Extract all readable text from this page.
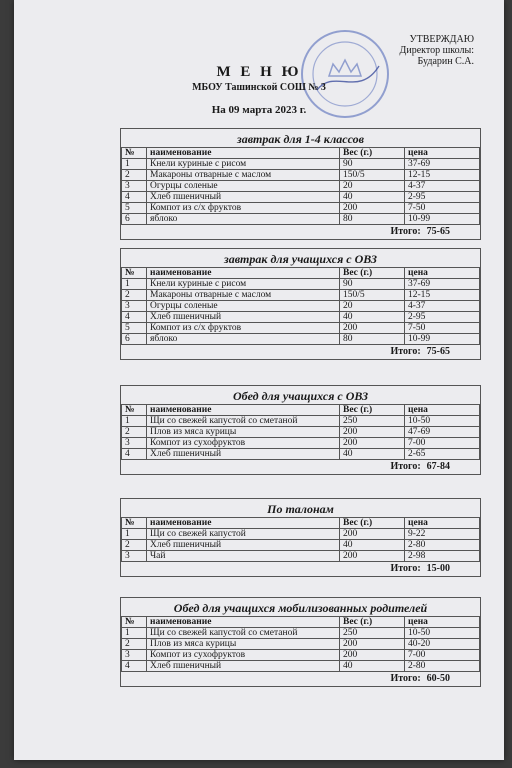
УТВЕРЖДАЮ
Директор школы:
Бударин С.А.
М Е Н Ю
МБОУ Ташинской СОШ № 3
На 09 марта 2023 г.
завтрак для 1-4 классов
№	наименование	Вес (г.)	цена
1	Кнели куриные с рисом	90	37-69
2	Макароны отварные с маслом	150/5	12-15
3	Огурцы соленые	20	4-37
4	Хлеб пшеничный	40	2-95
5	Компот из с/х фруктов	200	7-50
6	яблоко	80	10-99
Итого: 75-65
завтрак для учащихся с ОВЗ
№	наименование	Вес (г.)	цена
1	Кнели куриные с рисом	90	37-69
2	Макароны отварные с маслом	150/5	12-15
3	Огурцы соленые	20	4-37
4	Хлеб пшеничный	40	2-95
5	Компот из с/х фруктов	200	7-50
6	яблоко	80	10-99
Итого: 75-65
Обед для учащихся с ОВЗ
№	наименование	Вес (г.)	цена
1	Щи со свежей капустой со сметаной	250	10-50
2	Плов из мяса курицы	200	47-69
3	Компот из сухофруктов	200	7-00
4	Хлеб пшеничный	40	2-65
Итого: 67-84
По талонам
№	наименование	Вес (г.)	цена
1	Щи со свежей капустой	200	9-22
2	Хлеб пшеничный	40	2-80
3	Чай	200	2-98
Итого: 15-00
Обед для учащихся мобилизованных родителей
№	наименование	Вес (г.)	цена
1	Щи со свежей капустой со сметаной	250	10-50
2	Плов из мяса курицы	200	40-20
3	Компот из сухофруктов	200	7-00
4	Хлеб пшеничный	40	2-80
Итого: 60-50
